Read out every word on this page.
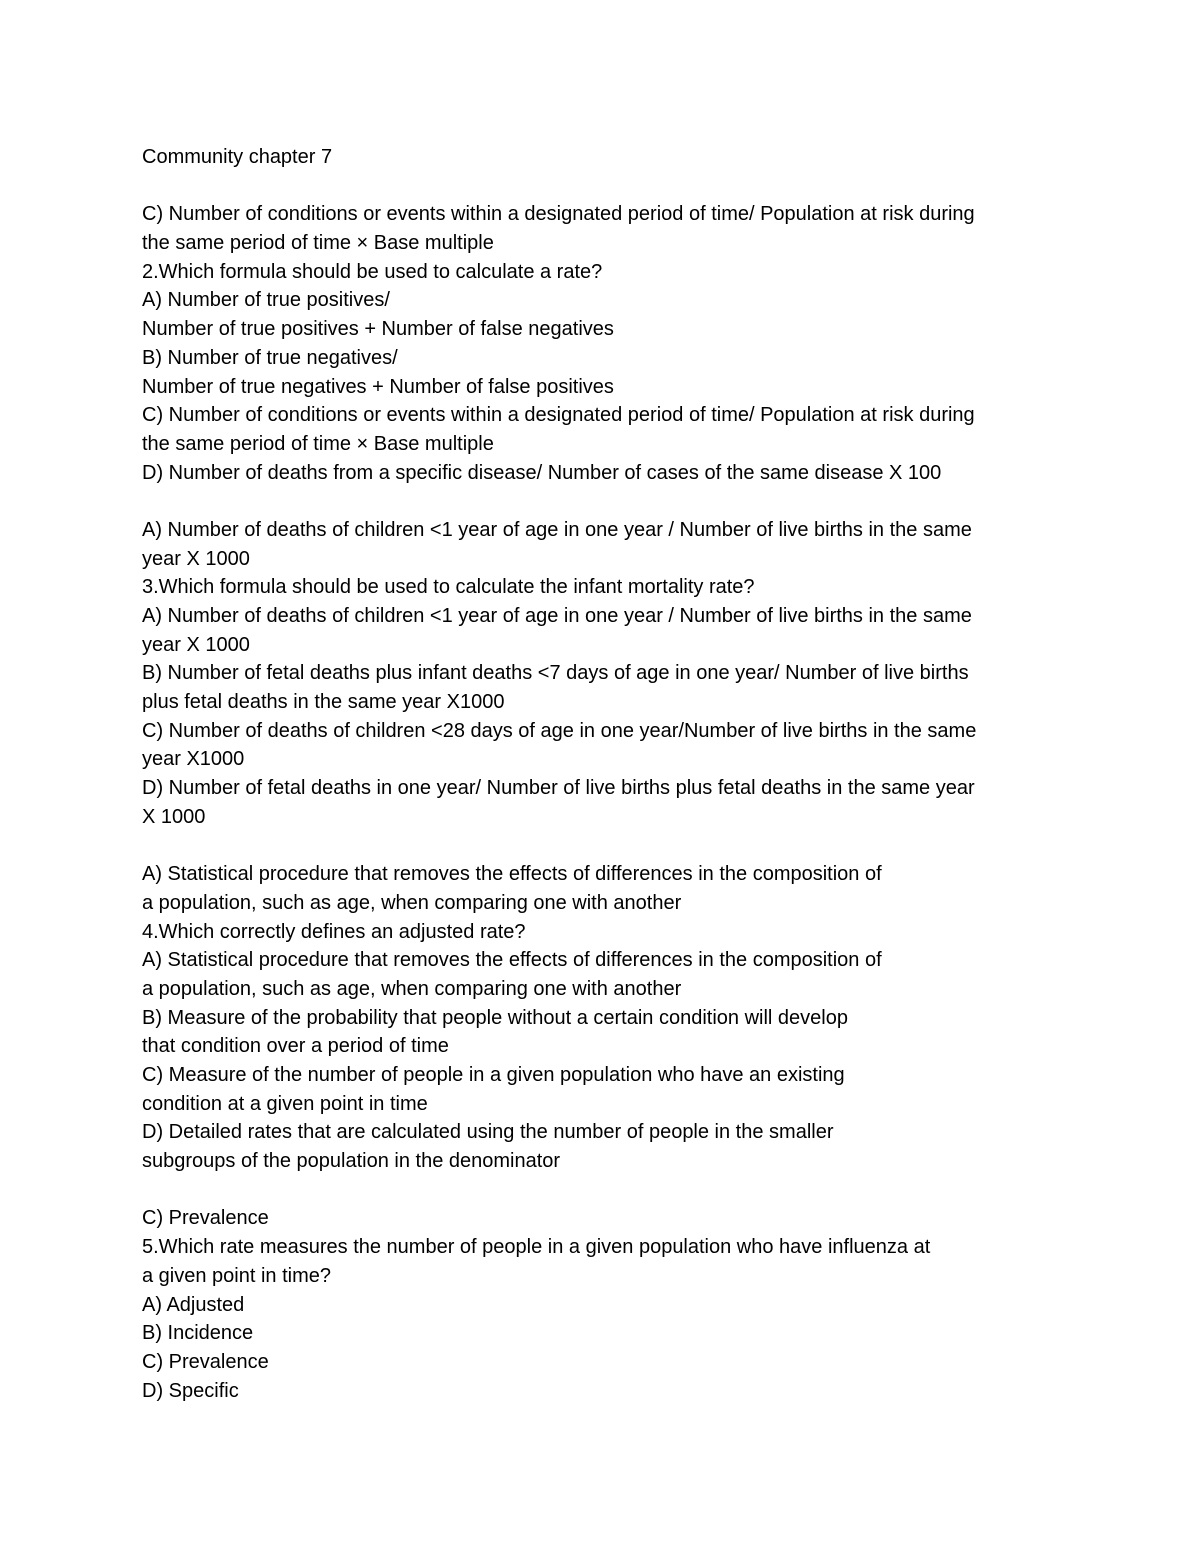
Community chapter 7
C) Number of conditions or events within a designated period of time/ Population at risk during
the same period of time × Base multiple
2.Which formula should be used to calculate a rate?
A) Number of true positives/
Number of true positives + Number of false negatives
B) Number of true negatives/
Number of true negatives + Number of false positives
C) Number of conditions or events within a designated period of time/ Population at risk during
the same period of time × Base multiple
D) Number of deaths from a specific disease/ Number of cases of the same disease X 100
A) Number of deaths of children <1 year of age in one year / Number of live births in the same
year X 1000
3.Which formula should be used to calculate the infant mortality rate?
A) Number of deaths of children <1 year of age in one year / Number of live births in the same
year X 1000
B) Number of fetal deaths plus infant deaths <7 days of age in one year/ Number of live births
plus fetal deaths in the same year X1000
C) Number of deaths of children <28 days of age in one year/Number of live births in the same
year X1000
D) Number of fetal deaths in one year/ Number of live births plus fetal deaths in the same year
X 1000
A) Statistical procedure that removes the effects of differences in the composition of
a population, such as age, when comparing one with another
4.Which correctly defines an adjusted rate?
A) Statistical procedure that removes the effects of differences in the composition of
a population, such as age, when comparing one with another
B) Measure of the probability that people without a certain condition will develop
that condition over a period of time
C) Measure of the number of people in a given population who have an existing
condition at a given point in time
D) Detailed rates that are calculated using the number of people in the smaller
subgroups of the population in the denominator
C) Prevalence
5.Which rate measures the number of people in a given population who have influenza at
a given point in time?
A) Adjusted
B) Incidence
C) Prevalence
D) Specific
